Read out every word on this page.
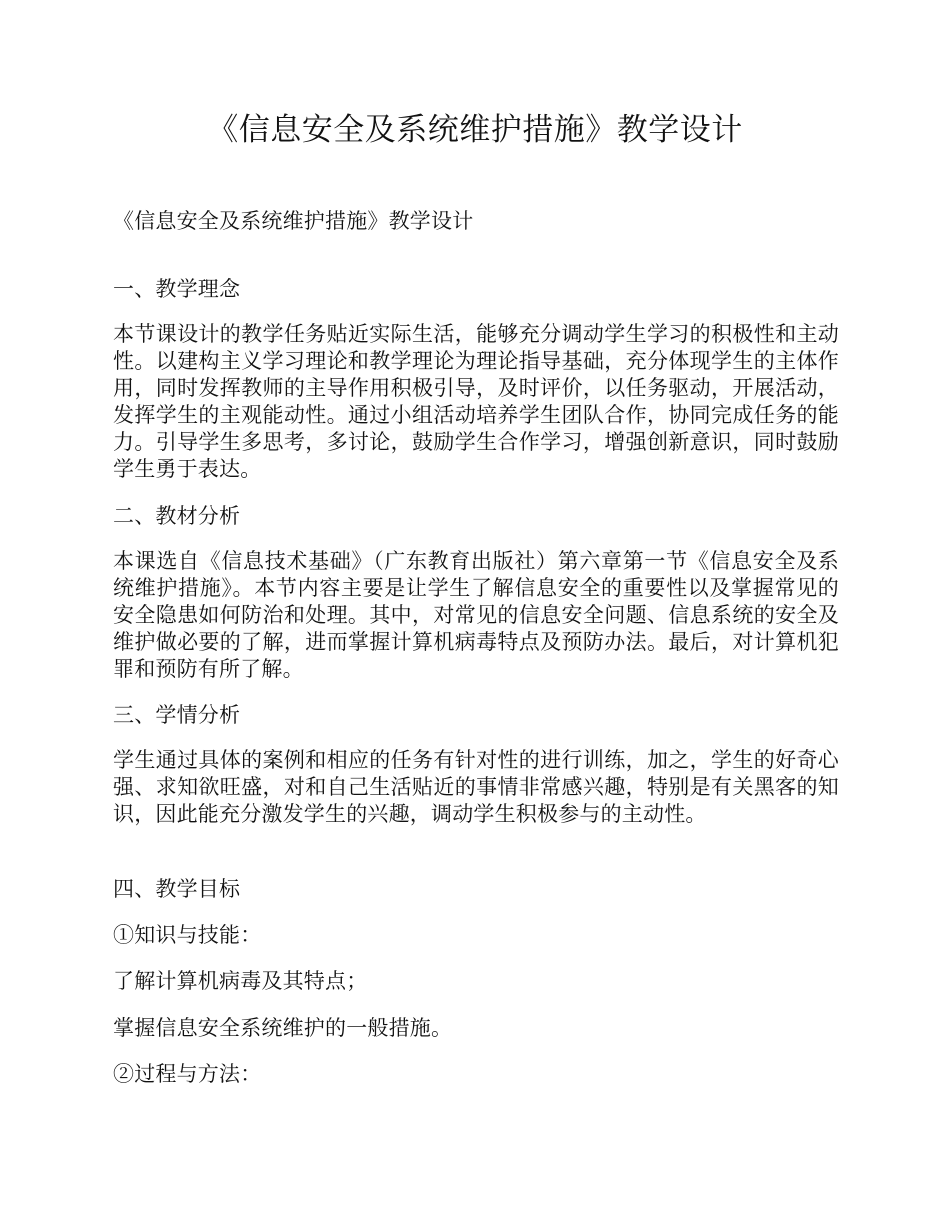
《信息安全及系统维护措施》教学设计

《信息安全及系统维护措施》教学设计

一、教学理念

本节课设计的教学任务贴近实际生活，能够充分调动学生学习的积极性和主动性。以建构主义学习理论和教学理论为理论指导基础，充分体现学生的主体作用，同时发挥教师的主导作用积极引导，及时评价，以任务驱动，开展活动，发挥学生的主观能动性。通过小组活动培养学生团队合作，协同完成任务的能力。引导学生多思考，多讨论，鼓励学生合作学习，增强创新意识，同时鼓励学生勇于表达。

二、教材分析

本课选自《信息技术基础》（广东教育出版社）第六章第一节《信息安全及系统维护措施》。本节内容主要是让学生了解信息安全的重要性以及掌握常见的安全隐患如何防治和处理。其中，对常见的信息安全问题、信息系统的安全及维护做必要的了解，进而掌握计算机病毒特点及预防办法。最后，对计算机犯罪和预防有所了解。

三、学情分析

学生通过具体的案例和相应的任务有针对性的进行训练，加之，学生的好奇心强、求知欲旺盛，对和自己生活贴近的事情非常感兴趣，特别是有关黑客的知识，因此能充分激发学生的兴趣，调动学生积极参与的主动性。

四、教学目标

①知识与技能：

了解计算机病毒及其特点；

掌握信息安全系统维护的一般措施。

②过程与方法：
